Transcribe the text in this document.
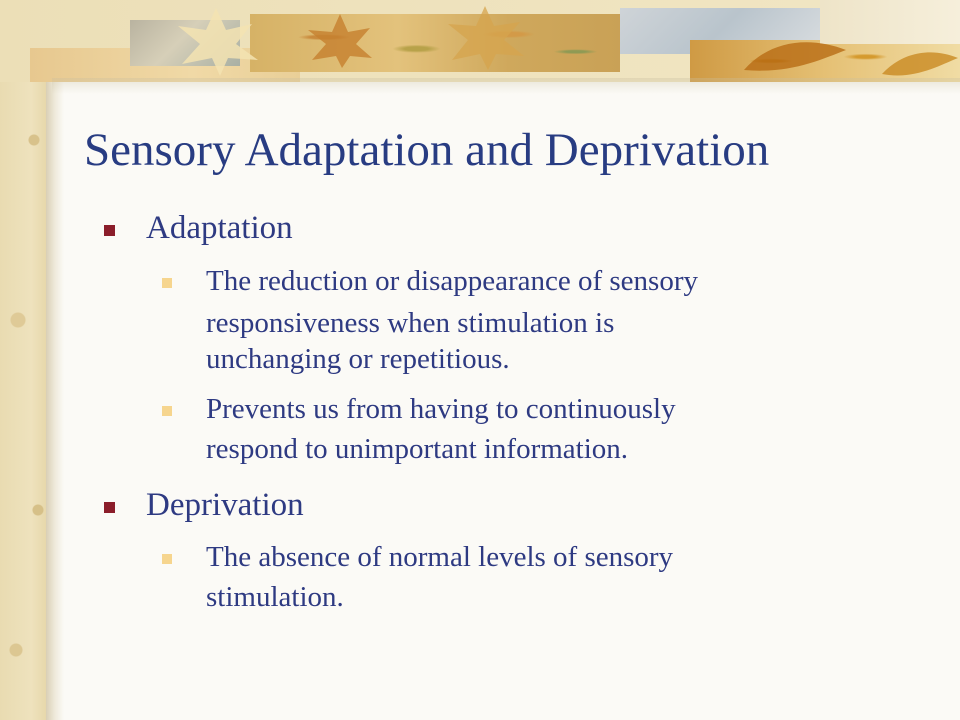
Sensory Adaptation and Deprivation
Adaptation
The reduction or disappearance of sensory
responsiveness when stimulation is
unchanging or repetitious.
Prevents us from having to continuously
respond to unimportant information.
Deprivation
The absence of normal levels of sensory
stimulation.
